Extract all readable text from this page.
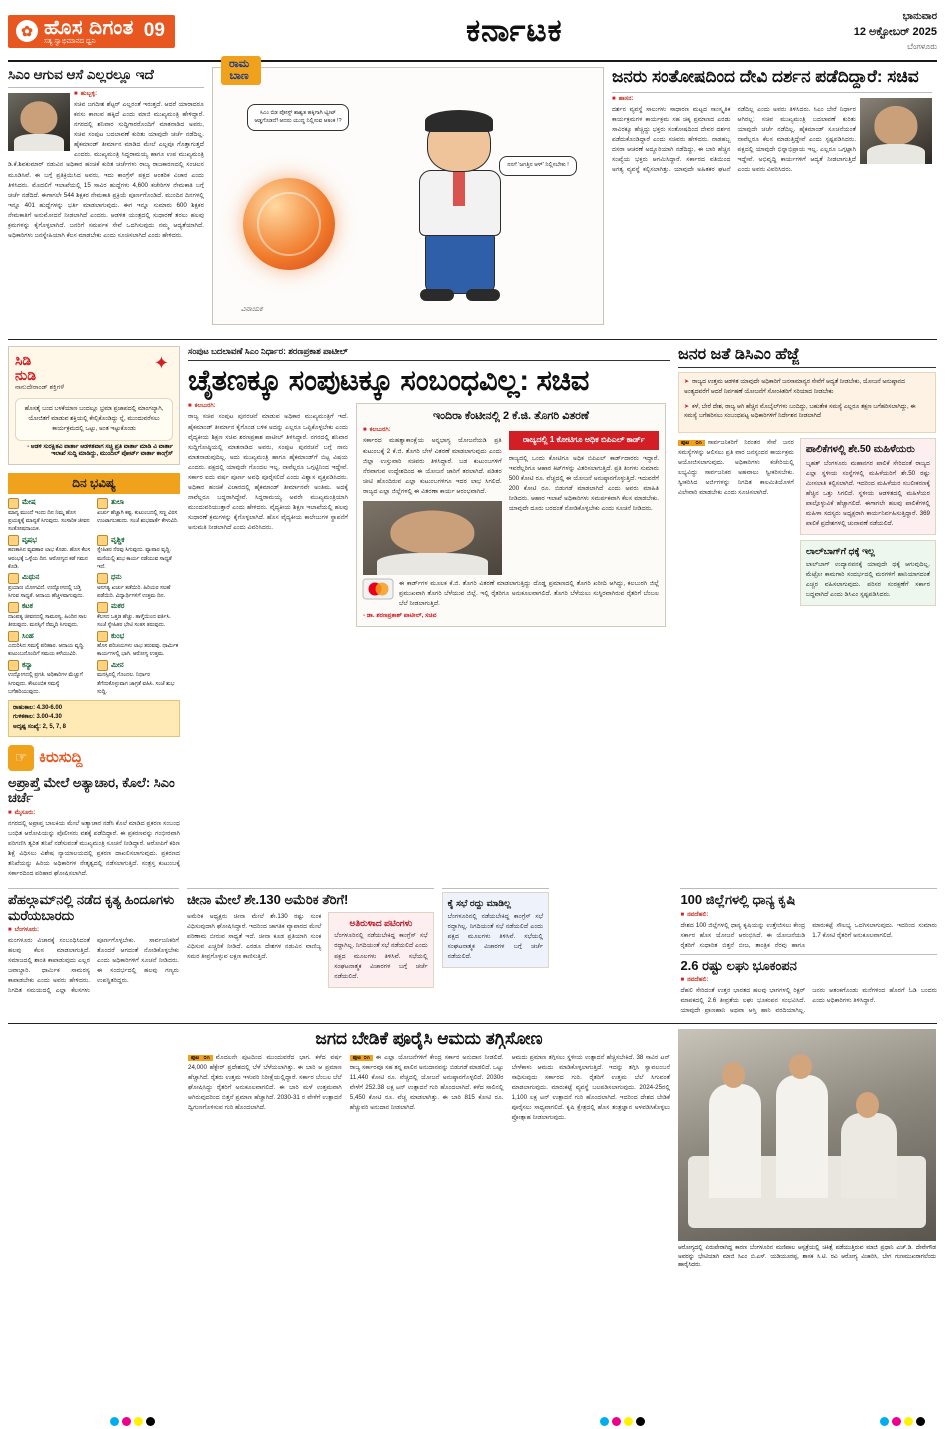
✿ ಹೊಸ ದಿಗಂತ
ಸತ್ಯ ಸ್ವಾಭಿಮಾನದ ಧ್ವನಿ	09	ಕರ್ನಾಟಕ	ಭಾನುವಾರ
12 ಅಕ್ಟೋಬರ್ 2025
ಬೆಂಗಳೂರು
ಸಿಎಂ ಆಗುವ ಆಸೆ ಎಲ್ಲರಲ್ಲೂ ಇದೆ
■ ಹುಬ್ಬಳ್ಳಿ:
ಸಚಿವ ಜಗದೀಶ ಶೆಟ್ಟರ್ ಎಲ್ಲರಂತೆ ಇರುತ್ತದೆ. ಆದರೆ ಯಾರಾದರೂ ಕನಸು ಕಾಣುವ ಹಕ್ಕಿದೆ ಎಂದು ಮಾಜಿ ಮುಖ್ಯಮಂತ್ರಿ ಹೇಳಿದ್ದಾರೆ. ನಗರದಲ್ಲಿ ಶನಿವಾರ ಸುದ್ದಿಗಾರರೊಂದಿಗೆ ಮಾತನಾಡಿದ ಅವರು, ಸಚಿವ ಸಂಪುಟ ಬದಲಾವಣೆ ಕುರಿತು ಯಾವುದೇ ಚರ್ಚೆ ನಡೆದಿಲ್ಲ. ಹೈಕಮಾಂಡ್ ತೀರ್ಮಾನ ಮಾಡಿದ ಮೇಲೆ ಎಲ್ಲವೂ ಗೊತ್ತಾಗುತ್ತದೆ ಎಂದರು. ಮುಖ್ಯಮಂತ್ರಿ ಸಿದ್ದರಾಮಯ್ಯ ಹಾಗೂ ಉಪ ಮುಖ್ಯಮಂತ್ರಿ ಡಿ.ಕೆ.ಶಿವಕುಮಾರ್ ನಡುವಿನ ಅಧಿಕಾರ ಹಂಚಿಕೆ ಕುರಿತ ಚರ್ಚೆಗಳು ರಾಜ್ಯ ರಾಜಕಾರಣದಲ್ಲಿ ಸಂಚಲನ ಮೂಡಿಸಿವೆ. ಈ ಬಗ್ಗೆ ಪ್ರತಿಕ್ರಿಯಿಸಿದ ಅವರು, ಇದು ಕಾಂಗ್ರೆಸ್ ಪಕ್ಷದ ಆಂತರಿಕ ವಿಚಾರ ಎಂದು ತಿಳಿಸಿದರು. ಮೊದಲಿಗೆ ಇಲಾಖೆಯಲ್ಲಿ 15 ಸಾವಿರ ಹುದ್ದೆಗಳು 4,600 ಕಚೇರಿಗಳ ನೇಮಕಾತಿ ಬಗ್ಗೆ ಚರ್ಚೆ ನಡೆದಿದೆ. ಈಗಾಗಲೇ 544 ಶಿಕ್ಷಕರ ನೇಮಕಾತಿ ಪ್ರಕ್ರಿಯೆ ಪೂರ್ಣಗೊಂಡಿದೆ. ಮುಂದಿನ ದಿನಗಳಲ್ಲಿ ಇನ್ನೂ 401 ಹುದ್ದೆಗಳನ್ನು ಭರ್ತಿ ಮಾಡಲಾಗುವುದು. ಈಗ ಇನ್ನೂ ಸುಮಾರು 600 ಶಿಕ್ಷಕರ ನೇಮಕಾತಿಗೆ ಅನುಮೋದನೆ ನೀಡಲಾಗಿದೆ ಎಂದರು. ಆಡಳಿತ ಯಂತ್ರದಲ್ಲಿ ಸುಧಾರಣೆ ತರಲು ಹಲವು ಕ್ರಮಗಳನ್ನು ಕೈಗೊಳ್ಳಲಾಗಿದೆ. ಜನರಿಗೆ ಸಮರ್ಪಕ ಸೇವೆ ಒದಗಿಸುವುದು ನಮ್ಮ ಆದ್ಯತೆಯಾಗಿದೆ. ಅಧಿಕಾರಿಗಳು ಜನಸ್ನೇಹಿಯಾಗಿ ಕೆಲಸ ಮಾಡಬೇಕು ಎಂದು ಸೂಚಿಸಲಾಗಿದೆ ಎಂದು ಹೇಳಿದರು.
ರಾಮ
ಬಾಣ
ಸಿಎಂ ಬಿಡ ಪೋಸ್ಟ್ ಶಾಶ್ವತ ಹಕ್ಕಿಗಾಗಿ ಟ್ವೀಟ್ ಆಡ್ಡಗೊಡದೆ! ಆದರು ಯುದ್ಧ ನಿಲ್ಲಿಸುವ ಆತಂಕ !?
ನನಗೆ 'ಜಗತ್ತಿನ ಆಳ್' ನಿಲ್ಲಿಸಬೇಕು !
ವಿನಾಯಕ
ಜನರು ಸಂತೋಷದಿಂದ ದೇವಿ ದರ್ಶನ ಪಡೆದಿದ್ದಾರೆ: ಸಚಿವ
■ ಹಾಸನ:
ದರ್ಶನ ವ್ಯವಸ್ಥೆ ಸಾಲುಗಳು ಸಾಧಾರಣ ಮಟ್ಟದ ಸಾಂಸ್ಕೃತಿಕ ಕಾರ್ಯಕ್ರಮಗಳ ಕಾರ್ಯಕ್ರಮ ಸಹ ಚಿಕ್ಕ ಪ್ರಮಾಣದ ಎರಡು ಸಾವಿರಕ್ಕೂ ಹೆಚ್ಚಿದ್ದು ಭಕ್ತರು ಸಂತೋಷದಿಂದ ದೇವರ ದರ್ಶನ ಪಡೆದುಕೊಂಡಿದ್ದಾರೆ ಎಂದು ಸಚಿವರು ಹೇಳಿದರು. ನಾಡಹಬ್ಬ ದಸರಾ ಆಚರಣೆ ಅದ್ದೂರಿಯಾಗಿ ನಡೆದಿದ್ದು, ಈ ಬಾರಿ ಹೆಚ್ಚಿನ ಸಂಖ್ಯೆಯ ಭಕ್ತರು ಆಗಮಿಸಿದ್ದಾರೆ. ಸರ್ಕಾರದ ವತಿಯಿಂದ ಅಗತ್ಯ ವ್ಯವಸ್ಥೆ ಕಲ್ಪಿಸಲಾಗಿತ್ತು. ಯಾವುದೇ ಅಹಿತಕರ ಘಟನೆ ನಡೆದಿಲ್ಲ ಎಂದು ಅವರು ತಿಳಿಸಿದರು. ಸಿಎಂ ಬೇರೆ ನಿರ್ಧಾರ ಆಗಿರಲ್ಲ: ಸಚಿವ ಮುಖ್ಯಮಂತ್ರಿ ಬದಲಾವಣೆ ಕುರಿತು ಯಾವುದೇ ಚರ್ಚೆ ನಡೆದಿಲ್ಲ. ಹೈಕಮಾಂಡ್ ಸೂಚನೆಯಂತೆ ನಾವೆಲ್ಲರೂ ಕೆಲಸ ಮಾಡುತ್ತಿದ್ದೇವೆ ಎಂದು ಸ್ಪಷ್ಟಪಡಿಸಿದರು. ಪಕ್ಷದಲ್ಲಿ ಯಾವುದೇ ಭಿನ್ನಾಭಿಪ್ರಾಯ ಇಲ್ಲ. ಎಲ್ಲರೂ ಒಗ್ಗಟ್ಟಾಗಿ ಇದ್ದೇವೆ. ಅಭಿವೃದ್ಧಿ ಕಾರ್ಯಗಳಿಗೆ ಆದ್ಯತೆ ನೀಡಲಾಗುತ್ತಿದೆ ಎಂದು ಅವರು ವಿವರಿಸಿದರು.
✦
ಸಿಡಿ
ನುಡಿ
ನಾನುದೇರಾಂಡ್ ಶಕ್ತಿಗಳೆ
ಹೊಸತೈ ಬಂದ ಬಳಕೆಯಾಣ ಬಂದಲ್ಲೂ ಭ್ರಮಾ ಪ್ರಜಾಪದಲ್ಲಿ ಮಾಂಗಲ್ಯಾಗಿ, ಯೋಜಿತಗೆ ಮಾಡುವ ಶಕ್ತಿಯಲ್ಲಿ ಕೇಲ್ಸಿಕೊಂಡಿದ್ದು ನ್ನೆ, ಮುಂದುವರೆಸಲು ಕಾರ್ಯಕ್ರಮದಲ್ಲಿ ಒಟ್ಟು, ಅಂತ ಇಟ್ಟುಕೊಂಡು
- ಆಡಳಿ ಸುರಕ್ಷಿತವಿ ವಾರ್ತಾ ಆಡಳಿತವಾಗ ಸಚ್ಚಿ ಪ್ರತಿ ವಾರ್ತಾ ಮಾಡಿ ವಿ ವಾರ್ತಾ ಇಲಾಖೆ ಸುದ್ದಿ ಮಾಡಿದ್ದು, ಮುಂದಿಲ್ ಪೋರ್ಟ್ ವಾರ್ತಾ ಕಾಂಗ್ರೆಸ್
ದಿನ ಭವಿಷ್ಯ
ಮೇಷ
ಮಾನ್ಯ ಮುಂದೆ ಇಂದು ದಿನ ನಿಮ್ಮ ಹೊಸ ಪ್ರಯತ್ನಕ್ಕೆ ಮಾನ್ಯತೆ ಸಿಗುವುದು. ಸಂಸಾರಿಕ ಜೀವನ ಸಂತೋಷದಾಯಕ.
ತುಲಾ
ಖರ್ಚು ಹೆಚ್ಚಾಗಿ ಕಷ್ಟ. ಕುಟುಂಬದಲ್ಲಿ ಸಣ್ಣ ವಿರಸ ಉಂಟಾಗಬಹುದು. ಸಂಜೆ ಶುಭವಾರ್ತೆ ಕೇಳುವಿರಿ.
ವೃಷಭ
ಹಣಕಾಸಿನ ವ್ಯವಹಾರ ಲಾಭ ಕೊಡು. ಹೊಸ ಕೆಲಸ ಆರಂಭಕ್ಕೆ ಒಳ್ಳೆಯ ದಿನ. ಆರೋಗ್ಯದ ಕಡೆ ಗಮನ ಕೊಡಿ.
ವೃಶ್ಚಿಕ
ಸ್ನೇಹಿತರ ನೆರವು ಸಿಗುವುದು. ವ್ಯಾಪಾರ ವೃದ್ಧಿ. ಮನೆಯಲ್ಲಿ ಶುಭ ಕಾರ್ಯ ನಡೆಯುವ ಸಾಧ್ಯತೆ ಇದೆ.
ಮಿಥುನ
ಪ್ರಯಾಣ ಯೋಗವಿದೆ. ಉದ್ಯೋಗದಲ್ಲಿ ಬಡ್ತಿ ಸಿಗುವ ಸಾಧ್ಯತೆ. ಆದಾಯ ಹೆಚ್ಚಳವಾಗುವುದು.
ಧನು
ಅನಗತ್ಯ ಖರ್ಚು ತಡೆಯಿರಿ. ಹಿರಿಯರ ಸಲಹೆ ಪಡೆಯಿರಿ. ವಿದ್ಯಾರ್ಥಿಗಳಿಗೆ ಉತ್ತಮ ದಿನ.
ಕಟಕ
ದಾಂಪತ್ಯ ಜೀವನದಲ್ಲಿ ಸಾಮರಸ್ಯ. ಹಿಂದಿನ ಸಾಲ ತೀರುವುದು. ಮನಸ್ಸಿಗೆ ನೆಮ್ಮದಿ ಸಿಗುವುದು.
ಮಕರ
ಕೆಲಸದ ಒತ್ತಡ ಹೆಚ್ಚು. ತಾಳ್ಮೆಯಿಂದ ವರ್ತಿಸಿ. ಸಂಜೆ ಸ್ನೇಹಿತರ ಭೇಟಿ ಸಂತಸ ತರುವುದು.
ಸಿಂಹ
ಎದುರಿಸಿದ ಸಮಸ್ಯೆ ಪರಿಹಾರ. ಆದಾಯ ವೃದ್ಧಿ. ಕುಟುಂಬದೊಂದಿಗೆ ಸಮಯ ಕಳೆಯುವಿರಿ.
ಕುಂಭ
ಹೊಸ ಪರಿಚಯಗಳು ಲಾಭ ತರುವವು. ಧಾರ್ಮಿಕ ಕಾರ್ಯಗಳಲ್ಲಿ ಭಾಗಿ. ಆರೋಗ್ಯ ಉತ್ತಮ.
ಕನ್ಯಾ
ಉದ್ಯೋಗದಲ್ಲಿ ಪ್ರಗತಿ. ಅಧಿಕಾರಿಗಳ ಮೆಚ್ಚುಗೆ ಸಿಗುವುದು. ಕೌಟುಂಬಿಕ ಸಮಸ್ಯೆ ಬಗೆಹರಿಯುವುದು.
ಮೀನ
ಮನಸ್ಸಿನಲ್ಲಿ ಗೊಂದಲ. ನಿರ್ಧಾರ ತೆಗೆದುಕೊಳ್ಳುವಾಗ ಜಾಗ್ರತೆ ವಹಿಸಿ. ಸಂಜೆ ಶುಭ ಸುದ್ದಿ.
ರಾಹುಕಾಲ: 4.30-6.00
ಗುಳಿಕಕಾಲ: 3.00-4.30
ಅದೃಷ್ಟ ಸಂಖ್ಯೆ: 2, 5, 7, 8
☞ ಕಿರುಸುದ್ದಿ
ಅಪ್ರಾಪ್ತೆ ಮೇಲೆ ಅತ್ಯಾಚಾರ, ಕೊಲೆ: ಸಿಎಂ ಚರ್ಚೆ
■ ಮೈಸೂರು:
ನಗರದಲ್ಲಿ ಅಪ್ರಾಪ್ತ ಬಾಲಕಿಯ ಮೇಲೆ ಅತ್ಯಾಚಾರ ನಡೆಸಿ ಕೊಲೆ ಮಾಡಿದ ಪ್ರಕರಣ ಸಂಬಂಧ ಬಂಧಿತ ಆರೋಪಿಯನ್ನು ಪೊಲೀಸರು ವಶಕ್ಕೆ ಪಡೆದಿದ್ದಾರೆ. ಈ ಪ್ರಕರಣವನ್ನು ಗಂಭೀರವಾಗಿ ಪರಿಗಣಿಸಿ ತ್ವರಿತ ತನಿಖೆ ನಡೆಸುವಂತೆ ಮುಖ್ಯಮಂತ್ರಿ ಸೂಚನೆ ನೀಡಿದ್ದಾರೆ. ಆರೋಪಿಗೆ ಕಠಿಣ ಶಿಕ್ಷೆ ವಿಧಿಸಲು ವಿಶೇಷ ನ್ಯಾಯಾಲಯದಲ್ಲಿ ಪ್ರಕರಣ ದಾಖಲಿಸಲಾಗುವುದು. ಪ್ರಕರಣದ ತನಿಖೆಯನ್ನು ಹಿರಿಯ ಅಧಿಕಾರಿಗಳ ನೇತೃತ್ವದಲ್ಲಿ ನಡೆಸಲಾಗುತ್ತಿದೆ. ಸಂತ್ರಸ್ತ ಕುಟುಂಬಕ್ಕೆ ಸರ್ಕಾರದಿಂದ ಪರಿಹಾರ ಘೋಷಿಸಲಾಗಿದೆ.
ಸಂಪುಟ ಬದಲಾವಣೆ ಸಿಎಂ ನಿರ್ಧಾರ: ಶರಣಪ್ರಕಾಶ ಪಾಟೀಲ್
ಚೈತಣಕ್ಕೂ ಸಂಪುಟಕ್ಕೂ ಸಂಬಂಧವಿಲ್ಲ: ಸಚಿವ
■ ಕಲಬುರಗಿ:
ರಾಜ್ಯ ಸಚಿವ ಸಂಪುಟ ಪುನರಚನೆ ಮಾಡುವ ಅಧಿಕಾರ ಮುಖ್ಯಮಂತ್ರಿಗೆ ಇದೆ. ಹೈಕಮಾಂಡ್ ತೀರ್ಮಾನ ಕೈಗೊಂಡ ಬಳಿಕ ಅದನ್ನು ಎಲ್ಲರೂ ಒಪ್ಪಿಕೊಳ್ಳಬೇಕು ಎಂದು ವೈದ್ಯಕೀಯ ಶಿಕ್ಷಣ ಸಚಿವ ಶರಣಪ್ರಕಾಶ ಪಾಟೀಲ್ ತಿಳಿಸಿದ್ದಾರೆ. ನಗರದಲ್ಲಿ ಶನಿವಾರ ಸುದ್ದಿಗೋಷ್ಠಿಯಲ್ಲಿ ಮಾತನಾಡಿದ ಅವರು, ಸಂಪುಟ ಪುನರಚನೆ ಬಗ್ಗೆ ನಾನು ಮಾತನಾಡುವುದಿಲ್ಲ. ಅದು ಮುಖ್ಯಮಂತ್ರಿ ಹಾಗೂ ಹೈಕಮಾಂಡ್‌ಗೆ ಬಿಟ್ಟ ವಿಷಯ ಎಂದರು. ಪಕ್ಷದಲ್ಲಿ ಯಾವುದೇ ಗೊಂದಲ ಇಲ್ಲ. ನಾವೆಲ್ಲರೂ ಒಗ್ಗಟ್ಟಿನಿಂದ ಇದ್ದೇವೆ. ಸರ್ಕಾರ ಐದು ವರ್ಷ ಪೂರ್ಣ ಅವಧಿ ಪೂರೈಸಲಿದೆ ಎಂದು ವಿಶ್ವಾಸ ವ್ಯಕ್ತಪಡಿಸಿದರು. ಅಧಿಕಾರ ಹಂಚಿಕೆ ವಿಚಾರದಲ್ಲಿ ಹೈಕಮಾಂಡ್ ತೀರ್ಮಾನವೇ ಅಂತಿಮ. ಅದಕ್ಕೆ ನಾವೆಲ್ಲರೂ ಬದ್ಧರಾಗಿದ್ದೇವೆ. ಸಿದ್ದರಾಮಯ್ಯ ಅವರೇ ಮುಖ್ಯಮಂತ್ರಿಯಾಗಿ ಮುಂದುವರಿಯುತ್ತಾರೆ ಎಂದು ಹೇಳಿದರು. ವೈದ್ಯಕೀಯ ಶಿಕ್ಷಣ ಇಲಾಖೆಯಲ್ಲಿ ಹಲವು ಸುಧಾರಣೆ ಕ್ರಮಗಳನ್ನು ಕೈಗೊಳ್ಳಲಾಗಿದೆ. ಹೊಸ ವೈದ್ಯಕೀಯ ಕಾಲೇಜುಗಳ ಸ್ಥಾಪನೆಗೆ ಅನುಮತಿ ನೀಡಲಾಗಿದೆ ಎಂದು ವಿವರಿಸಿದರು.
ಇಂದಿರಾ ಕೆಂಟೀನಲ್ಲಿ 2 ಕೆ.ಜಿ. ತೊಗರಿ ವಿತರಣೆ
■ ಕಲಬುರಗಿ:
ಸರ್ಕಾರದ ಮಹತ್ವಾಕಾಂಕ್ಷೆಯ ಅನ್ನಭಾಗ್ಯ ಯೋಜನೆಯಡಿ ಪ್ರತಿ ಕುಟುಂಬಕ್ಕೆ 2 ಕೆ.ಜಿ. ತೊಗರಿ ಬೇಳೆ ವಿತರಣೆ ಮಾಡಲಾಗುವುದು ಎಂದು ಜಿಲ್ಲಾ ಉಸ್ತುವಾರಿ ಸಚಿವರು ತಿಳಿಸಿದ್ದಾರೆ. ಬಡ ಕುಟುಂಬಗಳಿಗೆ ನೆರವಾಗುವ ಉದ್ದೇಶದಿಂದ ಈ ಯೋಜನೆ ಜಾರಿಗೆ ತರಲಾಗಿದೆ. ಪಡಿತರ ಚೀಟಿ ಹೊಂದಿರುವ ಎಲ್ಲಾ ಕುಟುಂಬಗಳಿಗೂ ಇದರ ಲಾಭ ಸಿಗಲಿದೆ. ರಾಜ್ಯದ ಎಲ್ಲಾ ಜಿಲ್ಲೆಗಳಲ್ಲಿ ಈ ವಿತರಣಾ ಕಾರ್ಯ ಆರಂಭವಾಗಿದೆ.
ರಾಜ್ಯದಲ್ಲಿ 1 ಕೋಟಿಗೂ ಅಧಿಕ ಬಿಪಿಎಲ್ ಕಾರ್ಡ್
ರಾಜ್ಯದಲ್ಲಿ ಒಂದು ಕೋಟಿಗೂ ಅಧಿಕ ಬಿಪಿಎಲ್ ಕಾರ್ಡ್‌ದಾರರು ಇದ್ದಾರೆ. ಇವರೆಲ್ಲರಿಗೂ ಆಹಾರ ಕಿಟ್‌ಗಳನ್ನು ವಿತರಿಸಲಾಗುತ್ತಿದೆ. ಪ್ರತಿ ತಿಂಗಳು ಸುಮಾರು 500 ಕೋಟಿ ರೂ. ವೆಚ್ಚದಲ್ಲಿ ಈ ಯೋಜನೆ ಅನುಷ್ಠಾನಗೊಳ್ಳುತ್ತಿದೆ. ಇದುವರೆಗೆ 200 ಕೋಟಿ ರೂ. ಬಿಡುಗಡೆ ಮಾಡಲಾಗಿದೆ ಎಂದು ಅವರು ಮಾಹಿತಿ ನೀಡಿದರು. ಆಹಾರ ಇಲಾಖೆ ಅಧಿಕಾರಿಗಳು ಸಮರ್ಪಕವಾಗಿ ಕೆಲಸ ಮಾಡಬೇಕು. ಯಾವುದೇ ದೂರು ಬರದಂತೆ ನೋಡಿಕೊಳ್ಳಬೇಕು ಎಂದು ಸೂಚನೆ ನೀಡಿದರು.
ಈ ಕಾರ್ಡ್‌ಗಳ ಮೂಲಕ ಕೆ.ಜಿ. ತೊಗರಿ ವಿತರಣೆ ಮಾಡಲಾಗುತ್ತಿದ್ದು ದೊಡ್ಡ ಪ್ರಮಾಣದಲ್ಲಿ ತೊಗರಿ ಖರೀದಿ ಆಗಿದ್ದು, ಕಲಬುರಗಿ ಜಿಲ್ಲೆ ಪ್ರಮುಖವಾಗಿ ತೊಗರಿ ಬೆಳೆಯುವ ಜಿಲ್ಲೆ. ಇಲ್ಲಿ ರೈತರಿಗೂ ಅನುಕೂಲವಾಗಲಿದೆ. ತೊಗರಿ ಬೆಳೆಯಲು ಸುಸ್ಥಿರವಾಗಿರುವ ರೈತರಿಗೆ ಬೆಂಬಲ ಬೆಲೆ ನೀಡಲಾಗುತ್ತಿದೆ.
- ಡಾ. ಶರಣಪ್ರಕಾಶ್ ಪಾಟೀಲ್, ಸಚಿವ
ಜನರ ಜತೆ ಡಿಸಿಎಂ ಹೆಜ್ಜೆ

➤ ರಾಜ್ಯದ ಉತ್ತಮ ಆಡಳಿತ ಯಾವುದೇ ಅಧಿಕಾರಿಗೆ ಜನಸಾಮಾನ್ಯರ ಸೇವೆಗೆ ಆದ್ಯತೆ ನೀಡಬೇಕು, ಯೋಜನೆ ಅನುಷ್ಠಾನದ ಅಂತ್ಯದವರೆಗೆ ಆದರೆ ನಿರ್ವಹಣೆ ಯೋಜನೆಗೆ ಸೋಂಕಿತರಿಗೆ ಸರಿಯಾದ ನೀಡಬೇಕು

➤ ಕಳೆ, ಬೇರೆ ದೇಶ, ರಾಜ್ಯ ಆಗಿ ಹೆಚ್ಚಿನ ಮೊಬೈಲ್‌ಗಳು ಬಂದಿದ್ದು, ಬಹುತೇಕ ಸಮಸ್ಯೆ ಎಲ್ಲರೂ ತಕ್ಷಣ ಬಗೆಹರಿಸಲಾಗಿದ್ದು, ಈ ಸಮಸ್ಯೆ ಬಗೆಹರಿಸಲು ಸಂಬಂಧಪಟ್ಟ ಅಧಿಕಾರಿಗಳಿಗೆ ನಿರ್ದೇಶನ ನೀಡಲಾಗಿದೆ

ಪುಟ ೦೧ ಸಾರ್ವಜನಿಕರಿಗೆ ನಿರಂತರ ಸೇವೆ ಜನರ ಸಮಸ್ಯೆಗಳನ್ನು ಆಲಿಸಲು ಪ್ರತಿ ವಾರ ಜನಸ್ಪಂದನ ಕಾರ್ಯಕ್ರಮ ಆಯೋಜಿಸಲಾಗುವುದು. ಅಧಿಕಾರಿಗಳು ಕಚೇರಿಯಲ್ಲಿ ಲಭ್ಯವಿದ್ದು ಸಾರ್ವಜನಿಕರ ಅಹವಾಲು ಸ್ವೀಕರಿಸಬೇಕು. ಸ್ವೀಕರಿಸಿದ ಅರ್ಜಿಗಳನ್ನು ನಿಗದಿತ ಕಾಲಮಿತಿಯೊಳಗೆ ವಿಲೇವಾರಿ ಮಾಡಬೇಕು ಎಂದು ಸೂಚಿಸಲಾಗಿದೆ.
ಪಾಲಿಕೆಗಳಲ್ಲಿ ಶೇ.50 ಮಹಿಳೆಯರು
ಬೃಹತ್ ಬೆಂಗಳೂರು ಮಹಾನಗರ ಪಾಲಿಕೆ ಸೇರಿದಂತೆ ರಾಜ್ಯದ ಎಲ್ಲಾ ಸ್ಥಳೀಯ ಸಂಸ್ಥೆಗಳಲ್ಲಿ ಮಹಿಳೆಯರಿಗೆ ಶೇ.50 ರಷ್ಟು ಮೀಸಲಾತಿ ಕಲ್ಪಿಸಲಾಗಿದೆ. ಇದರಿಂದ ಮಹಿಳೆಯರ ಸಬಲೀಕರಣಕ್ಕೆ ಹೆಚ್ಚಿನ ಒತ್ತು ಸಿಗಲಿದೆ. ಸ್ಥಳೀಯ ಆಡಳಿತದಲ್ಲಿ ಮಹಿಳೆಯರ ಪಾಲ್ಗೊಳ್ಳುವಿಕೆ ಹೆಚ್ಚಾಗಲಿದೆ. ಈಗಾಗಲೇ ಹಲವು ಪಾಲಿಕೆಗಳಲ್ಲಿ ಮಹಿಳಾ ಸದಸ್ಯರು ಅಧ್ಯಕ್ಷರಾಗಿ ಕಾರ್ಯನಿರ್ವಹಿಸುತ್ತಿದ್ದಾರೆ. 369 ಪಾಲಿಕೆ ಪ್ರದೇಶಗಳಲ್ಲಿ ಚುನಾವಣೆ ನಡೆಯಲಿದೆ.
ಲಾಲ್‌ಬಾಗ್‌ಗೆ ಧಕ್ಕೆ ಇಲ್ಲ
ಲಾಲ್‌ಬಾಗ್ ಉದ್ಯಾನವನಕ್ಕೆ ಯಾವುದೇ ಧಕ್ಕೆ ಆಗುವುದಿಲ್ಲ. ಮೆಟ್ರೋ ಕಾಮಗಾರಿ ಸಂದರ್ಭದಲ್ಲಿ ಮರಗಳಿಗೆ ಹಾನಿಯಾಗದಂತೆ ಎಚ್ಚರ ವಹಿಸಲಾಗುವುದು. ಪರಿಸರ ಸಂರಕ್ಷಣೆಗೆ ಸರ್ಕಾರ ಬದ್ಧವಾಗಿದೆ ಎಂದು ಡಿಸಿಎಂ ಸ್ಪಷ್ಟಪಡಿಸಿದರು.
ಪೆಹಲ್ಗಾಮ್‌ನಲ್ಲಿ ನಡೆದ ಕೃತ್ಯ ಹಿಂದೂಗಳು ಮರೆಯಬಾರದು
■ ಬೆಂಗಳೂರು:
ಮಂಗಳೂರು ವಿಚಾರಕ್ಕೆ ಸಂಬಂಧಿಸಿದಂತೆ ಹಲವು ಕೆಲಸ ಮಾಡಲಾಗುತ್ತಿದೆ. ಸಮಾಜದಲ್ಲಿ ಶಾಂತಿ ಕಾಪಾಡುವುದು ಎಲ್ಲರ ಜವಾಬ್ದಾರಿ. ಧಾರ್ಮಿಕ ಸಾಮರಸ್ಯ ಕಾಪಾಡಬೇಕು ಎಂದು ಅವರು ಹೇಳಿದರು. ನಿಗದಿತ ಸಮಯದಲ್ಲಿ ಎಲ್ಲಾ ಕೆಲಸಗಳು ಪೂರ್ಣಗೊಳ್ಳಬೇಕು. ಸಾರ್ವಜನಿಕರಿಗೆ ತೊಂದರೆ ಆಗದಂತೆ ನೋಡಿಕೊಳ್ಳಬೇಕು ಎಂದು ಅಧಿಕಾರಿಗಳಿಗೆ ಸೂಚನೆ ನೀಡಿದರು. ಈ ಸಂದರ್ಭದಲ್ಲಿ ಹಲವು ಗಣ್ಯರು ಉಪಸ್ಥಿತರಿದ್ದರು.
ಚೀನಾ ಮೇಲೆ ಶೇ.130 ಅಮೆರಿಕ ತೆರಿಗೆ!
ಅಮೆರಿಕ ಅಧ್ಯಕ್ಷರು ಚೀನಾ ಮೇಲೆ ಶೇ.130 ರಷ್ಟು ಸುಂಕ ವಿಧಿಸುವುದಾಗಿ ಘೋಷಿಸಿದ್ದಾರೆ. ಇದರಿಂದ ಜಾಗತಿಕ ವ್ಯಾಪಾರದ ಮೇಲೆ ಪರಿಣಾಮ ಬೀರುವ ಸಾಧ್ಯತೆ ಇದೆ. ಚೀನಾ ಕೂಡ ಪ್ರತಿಯಾಗಿ ಸುಂಕ ವಿಧಿಸುವ ಎಚ್ಚರಿಕೆ ನೀಡಿದೆ. ಎರಡೂ ದೇಶಗಳ ನಡುವಿನ ವಾಣಿಜ್ಯ ಸಮರ ತೀವ್ರಗೊಳ್ಳುವ ಲಕ್ಷಣ ಕಾಣಿಸುತ್ತಿದೆ.
ಅತಿರುಳಾದ ಪಟಿಂಗಳು
ಬೆಂಗಳೂರಿನಲ್ಲಿ ನಡೆಯಬೇಕಿದ್ದ ಕಾಂಗ್ರೆಸ್ ಸಭೆ ರದ್ದಾಗಿಲ್ಲ. ನಿಗದಿಯಂತೆ ಸಭೆ ನಡೆಯಲಿದೆ ಎಂದು ಪಕ್ಷದ ಮೂಲಗಳು ತಿಳಿಸಿವೆ. ಸಭೆಯಲ್ಲಿ ಸಂಘಟನಾತ್ಮಕ ವಿಚಾರಗಳ ಬಗ್ಗೆ ಚರ್ಚೆ ನಡೆಯಲಿದೆ.
ಕೈ ಸಭೆ ರದ್ದು ಮಾಡಿಲ್ಲ
ಬೆಂಗಳೂರಿನಲ್ಲಿ ನಡೆಯಬೇಕಿದ್ದ ಕಾಂಗ್ರೆಸ್ ಸಭೆ ರದ್ದಾಗಿಲ್ಲ. ನಿಗದಿಯಂತೆ ಸಭೆ ನಡೆಯಲಿದೆ ಎಂದು ಪಕ್ಷದ ಮೂಲಗಳು ತಿಳಿಸಿವೆ. ಸಭೆಯಲ್ಲಿ ಸಂಘಟನಾತ್ಮಕ ವಿಚಾರಗಳ ಬಗ್ಗೆ ಚರ್ಚೆ ನಡೆಯಲಿದೆ.
100 ಜಿಲ್ಲೆಗಳಲ್ಲಿ ಧಾನ್ಯ ಕೃಷಿ
■ ನವದೆಹಲಿ:
ದೇಶದ 100 ಜಿಲ್ಲೆಗಳಲ್ಲಿ ಧಾನ್ಯ ಕೃಷಿಯನ್ನು ಉತ್ತೇಜಿಸಲು ಕೇಂದ್ರ ಸರ್ಕಾರ ಹೊಸ ಯೋಜನೆ ಆರಂಭಿಸಿದೆ. ಈ ಯೋಜನೆಯಡಿ ರೈತರಿಗೆ ಸುಧಾರಿತ ಬಿತ್ತನೆ ಬೀಜ, ತಾಂತ್ರಿಕ ನೆರವು ಹಾಗೂ ಮಾರುಕಟ್ಟೆ ಸೌಲಭ್ಯ ಒದಗಿಸಲಾಗುವುದು. ಇದರಿಂದ ಸುಮಾರು 1.7 ಕೋಟಿ ರೈತರಿಗೆ ಅನುಕೂಲವಾಗಲಿದೆ.
2.6 ರಷ್ಟು ಲಘು ಭೂಕಂಪನ
■ ನವದೆಹಲಿ:
ದೆಹಲಿ ಸೇರಿದಂತೆ ಉತ್ತರ ಭಾರತದ ಹಲವು ಭಾಗಗಳಲ್ಲಿ ರಿಕ್ಟರ್ ಮಾಪಕದಲ್ಲಿ 2.6 ತೀವ್ರತೆಯ ಲಘು ಭೂಕಂಪನ ಸಂಭವಿಸಿದೆ. ಯಾವುದೇ ಪ್ರಾಣಹಾನಿ ಅಥವಾ ಆಸ್ತಿ ಹಾನಿ ವರದಿಯಾಗಿಲ್ಲ. ಜನರು ಆತಂಕಗೊಂಡು ಮನೆಗಳಿಂದ ಹೊರಗೆ ಓಡಿ ಬಂದರು ಎಂದು ಅಧಿಕಾರಿಗಳು ತಿಳಿಸಿದ್ದಾರೆ.
ಜಗದ ಬೇಡಿಕೆ ಪೂರೈಸಿ ಆಮದು ತಗ್ಗಿಸೋಣ
ಪುಟ ೦೧ ಮೊದಲನೇ ಪುಟದಿಂದ ಮುಂದುವರೆದ ಭಾಗ. ಕಳೆದ ವರ್ಷ 24,000 ಹೆಕ್ಟೇರ್ ಪ್ರದೇಶದಲ್ಲಿ ಬೆಳೆ ಬೆಳೆಯಲಾಗಿತ್ತು. ಈ ಬಾರಿ ಆ ಪ್ರಮಾಣ ಹೆಚ್ಚಾಗಿದೆ. ರೈತರು ಉತ್ತಮ ಇಳುವರಿ ನಿರೀಕ್ಷೆಯಲ್ಲಿದ್ದಾರೆ. ಸರ್ಕಾರ ಬೆಂಬಲ ಬೆಲೆ ಘೋಷಿಸಿದ್ದು ರೈತರಿಗೆ ಅನುಕೂಲವಾಗಲಿದೆ. ಈ ಬಾರಿ ಮಳೆ ಉತ್ತಮವಾಗಿ ಆಗಿರುವುದರಿಂದ ಬಿತ್ತನೆ ಪ್ರಮಾಣ ಹೆಚ್ಚಾಗಿದೆ. 2030-31 ರ ವೇಳೆಗೆ ಉತ್ಪಾದನೆ ದ್ವಿಗುಣಗೊಳಿಸುವ ಗುರಿ ಹೊಂದಲಾಗಿದೆ.
ಪುಟ ೦೧ ಈ ಎಲ್ಲಾ ಯೋಜನೆಗಳಿಗೆ ಕೇಂದ್ರ ಸರ್ಕಾರ ಅನುದಾನ ನೀಡಲಿದೆ. ರಾಜ್ಯ ಸರ್ಕಾರವೂ ಸಹ ತನ್ನ ಪಾಲಿನ ಅನುದಾನವನ್ನು ಬಿಡುಗಡೆ ಮಾಡಲಿದೆ. ಒಟ್ಟು 11,440 ಕೋಟಿ ರೂ. ವೆಚ್ಚದಲ್ಲಿ ಯೋಜನೆ ಅನುಷ್ಠಾನಗೊಳ್ಳಲಿದೆ. 2030ರ ವೇಳೆಗೆ 252.38 ಲಕ್ಷ ಟನ್ ಉತ್ಪಾದನೆ ಗುರಿ ಹೊಂದಲಾಗಿದೆ. ಕಳೆದ ಸಾಲಿನಲ್ಲಿ 5,450 ಕೋಟಿ ರೂ. ವೆಚ್ಚ ಮಾಡಲಾಗಿತ್ತು. ಈ ಬಾರಿ 815 ಕೋಟಿ ರೂ. ಹೆಚ್ಚುವರಿ ಅನುದಾನ ನೀಡಲಾಗಿದೆ.
ಆಮದು ಪ್ರಮಾಣ ತಗ್ಗಿಸಲು ಸ್ಥಳೀಯ ಉತ್ಪಾದನೆ ಹೆಚ್ಚಿಸಬೇಕಿದೆ. 38 ಸಾವಿರ ಟನ್ ಬೇಳೆಕಾಳು ಆಮದು ಮಾಡಿಕೊಳ್ಳಲಾಗುತ್ತಿದೆ. ಇದನ್ನು ತಗ್ಗಿಸಿ ಸ್ವಾವಲಂಬನೆ ಸಾಧಿಸುವುದು ಸರ್ಕಾರದ ಗುರಿ. ರೈತರಿಗೆ ಉತ್ತಮ ಬೆಲೆ ಸಿಗುವಂತೆ ಮಾಡಲಾಗುವುದು. ಮಾರುಕಟ್ಟೆ ವ್ಯವಸ್ಥೆ ಬಲಪಡಿಸಲಾಗುವುದು. 2024-25ರಲ್ಲಿ 1,100 ಲಕ್ಷ ಟನ್ ಉತ್ಪಾದನೆ ಗುರಿ ಹೊಂದಲಾಗಿದೆ. ಇದರಿಂದ ದೇಶದ ಬೇಡಿಕೆ ಪೂರೈಸಲು ಸಾಧ್ಯವಾಗಲಿದೆ. ಕೃಷಿ ಕ್ಷೇತ್ರದಲ್ಲಿ ಹೊಸ ತಂತ್ರಜ್ಞಾನ ಅಳವಡಿಸಿಕೊಳ್ಳಲು ಪ್ರೋತ್ಸಾಹ ನೀಡಲಾಗುವುದು.
ಆರೋಗ್ಯದಲ್ಲಿ ಏರುಪೇರಾಗಿದ್ದ ಕಾರಣ ಬೆಂಗಳೂರಿನ ಮಣಿಪಾಲ ಆಸ್ಪತ್ರೆಯಲ್ಲಿ ಚಿಕಿತ್ಸೆ ಪಡೆಯುತ್ತಿರುವ ಮಾಜಿ ಪ್ರಧಾನಿ ಎಚ್.ಡಿ. ದೇವೇಗೌಡ ಅವರನ್ನು ಭೇಟಿಯಾಗಿ ಮಾಜಿ ಸಿಎಂ ಬಿ.ಎಸ್. ಯಡಿಯೂರಪ್ಪ, ಶಾಸಕ ಸಿ.ಟಿ. ರವಿ ಆರೋಗ್ಯ ವಿಚಾರಿಸಿ, ಬೇಗ ಗುಣಮುಖರಾಗಲೆಂದು ಹಾರೈಸಿದರು.
